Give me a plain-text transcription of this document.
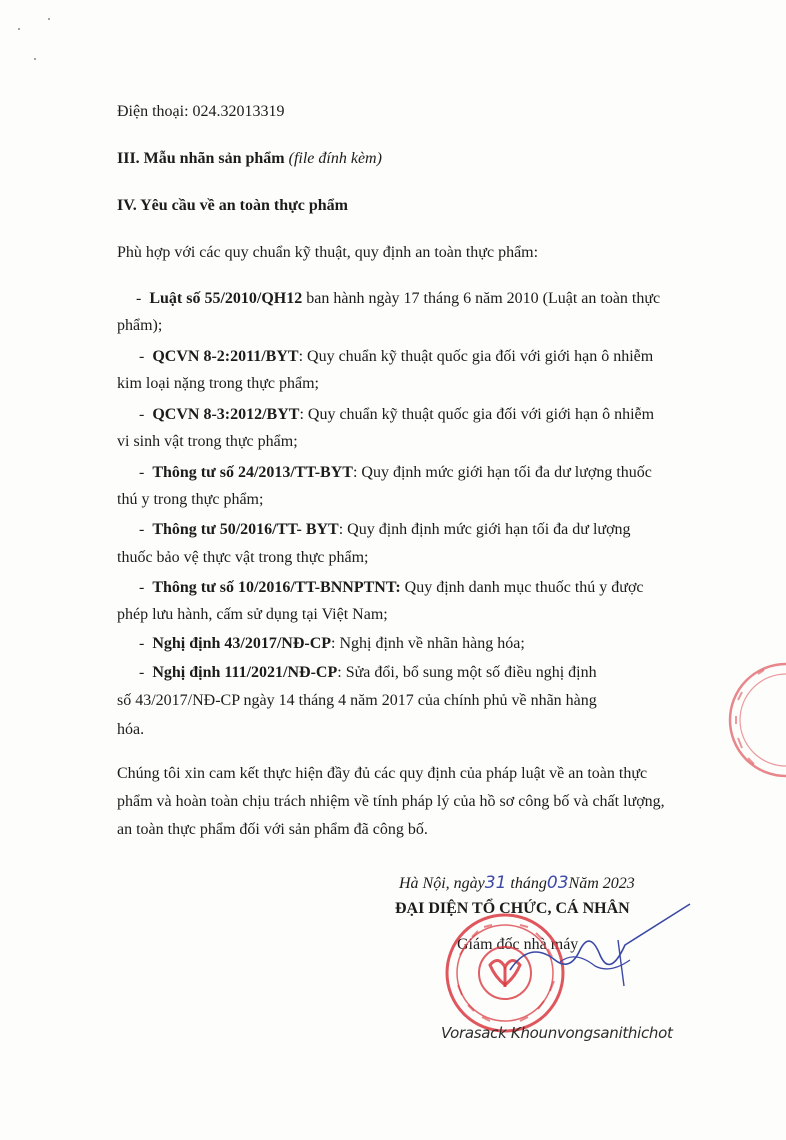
Điện thoại: 024.32013319
III. Mẫu nhãn sản phẩm (file đính kèm)
IV. Yêu cầu về an toàn thực phẩm
Phù hợp với các quy chuẩn kỹ thuật, quy định an toàn thực phẩm:
-  Luật số 55/2010/QH12 ban hành ngày 17 tháng 6 năm 2010 (Luật an toàn thực
phẩm);
-  QCVN 8-2:2011/BYT: Quy chuẩn kỹ thuật quốc gia đối với giới hạn ô nhiễm
kim loại nặng trong thực phẩm;
-  QCVN 8-3:2012/BYT: Quy chuẩn kỹ thuật quốc gia đối với giới hạn ô nhiễm
vi sinh vật trong thực phẩm;
-  Thông tư số 24/2013/TT-BYT: Quy định mức giới hạn tối đa dư lượng thuốc
thú y trong thực phẩm;
-  Thông tư 50/2016/TT- BYT: Quy định định mức giới hạn tối đa dư lượng
thuốc bảo vệ thực vật trong thực phẩm;
-  Thông tư số 10/2016/TT-BNNPTNT: Quy định danh mục thuốc thú y được
phép lưu hành, cấm sử dụng tại Việt Nam;
-  Nghị định 43/2017/NĐ-CP: Nghị định về nhãn hàng hóa;
-  Nghị định 111/2021/NĐ-CP: Sửa đổi, bổ sung một số điều nghị định
số 43/2017/NĐ-CP ngày 14 tháng 4 năm 2017 của chính phủ về nhãn hàng
hóa.
Chúng tôi xin cam kết thực hiện đầy đủ các quy định của pháp luật về an toàn thực
phẩm và hoàn toàn chịu trách nhiệm về tính pháp lý của hồ sơ công bố và chất lượng,
an toàn thực phẩm đối với sản phẩm đã công bố.
Hà Nội, ngày31 tháng03Năm 2023
ĐẠI DIỆN TỔ CHỨC, CÁ NHÂN
Giám đốc nhà máy
Vorasack Khounvongsanithichot
